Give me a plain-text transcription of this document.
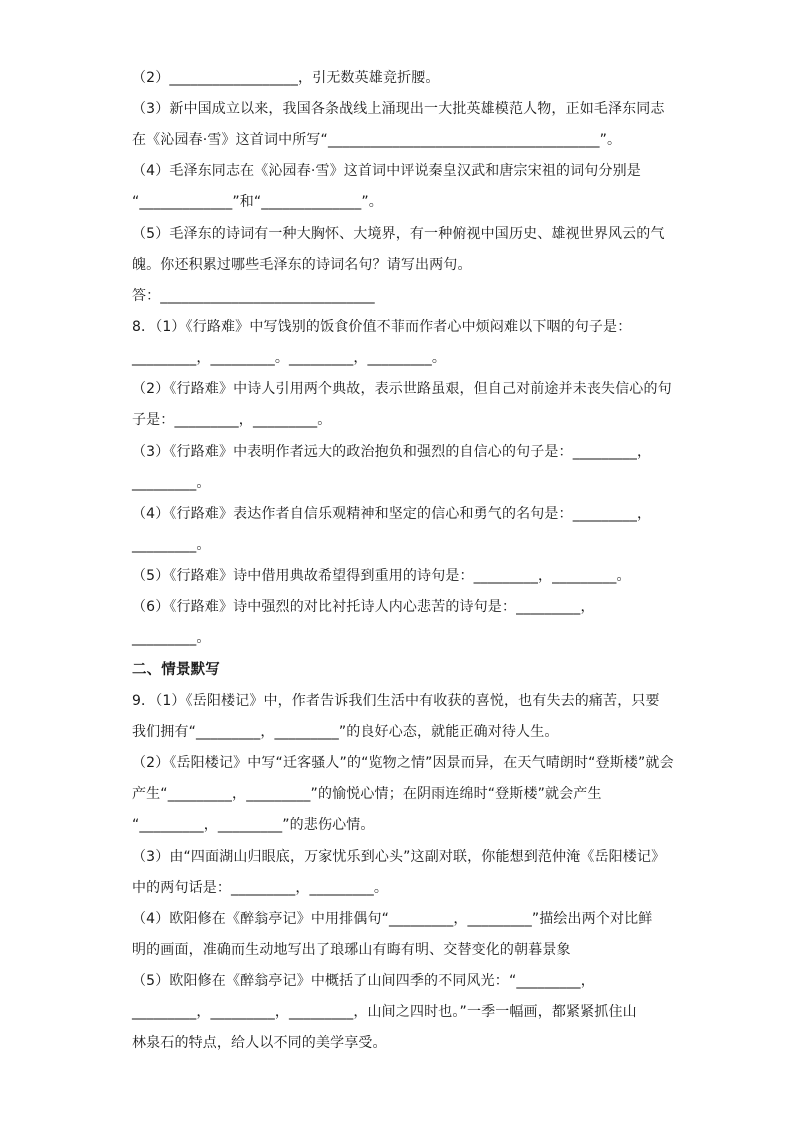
（2）__________________，引无数英雄竞折腰。
（3）新中国成立以来，我国各条战线上涌现出一大批英雄模范人物，正如毛泽东同志
在《沁园春·雪》这首词中所写“______________________________________”。
（4）毛泽东同志在《沁园春·雪》这首词中评说秦皇汉武和唐宗宋祖的词句分别是
“_____________”和“______________”。
（5）毛泽东的诗词有一种大胸怀、大境界，有一种俯视中国历史、雄视世界风云的气
魄。你还积累过哪些毛泽东的诗词名句？请写出两句。
答：______________________________
8．（1）《行路难》中写饯别的饭食价值不菲而作者心中烦闷难以下咽的句子是：
_________，_________。_________，_________。
（2）《行路难》中诗人引用两个典故，表示世路虽艰，但自己对前途并未丧失信心的句
子是：_________，_________。
（3）《行路难》中表明作者远大的政治抱负和强烈的自信心的句子是：_________，
_________。
（4）《行路难》表达作者自信乐观精神和坚定的信心和勇气的名句是：_________，
_________。
（5）《行路难》诗中借用典故希望得到重用的诗句是：_________，_________。
（6）《行路难》诗中强烈的对比衬托诗人内心悲苦的诗句是：_________，
_________。
二、情景默写
9．（1）《岳阳楼记》中，作者告诉我们生活中有收获的喜悦，也有失去的痛苦，只要
我们拥有“_________，_________”的良好心态，就能正确对待人生。
（2）《岳阳楼记》中写“迁客骚人”的“览物之情”因景而异，在天气晴朗时“登斯楼”就会
产生“_________，_________”的愉悦心情；在阴雨连绵时“登斯楼”就会产生
“_________，_________”的悲伤心情。
（3）由“四面湖山归眼底，万家忧乐到心头”这副对联，你能想到范仲淹《岳阳楼记》
中的两句话是：_________，_________。
（4）欧阳修在《醉翁亭记》中用排偶句“_________，_________”描绘出两个对比鲜
明的画面，准确而生动地写出了琅琊山有晦有明、交替变化的朝暮景象
（5）欧阳修在《醉翁亭记》中概括了山间四季的不同风光：“_________，
_________，_________，_________，山间之四时也。”一季一幅画，都紧紧抓住山
林泉石的特点，给人以不同的美学享受。
